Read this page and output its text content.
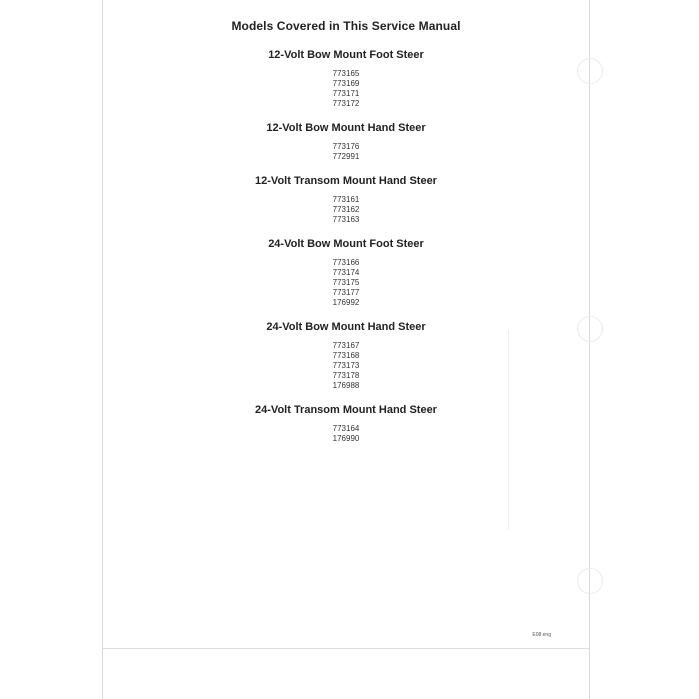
Models Covered in This Service Manual
12-Volt Bow Mount Foot Steer
773165
773169
773171
773172
12-Volt Bow Mount Hand Steer
773176
772991
12-Volt Transom Mount Hand Steer
773161
773162
773163
24-Volt Bow Mount Foot Steer
773166
773174
773175
773177
176992
24-Volt Bow Mount Hand Steer
773167
773168
773173
773178
176988
24-Volt Transom Mount Hand Steer
773164
176990
E08 eng
